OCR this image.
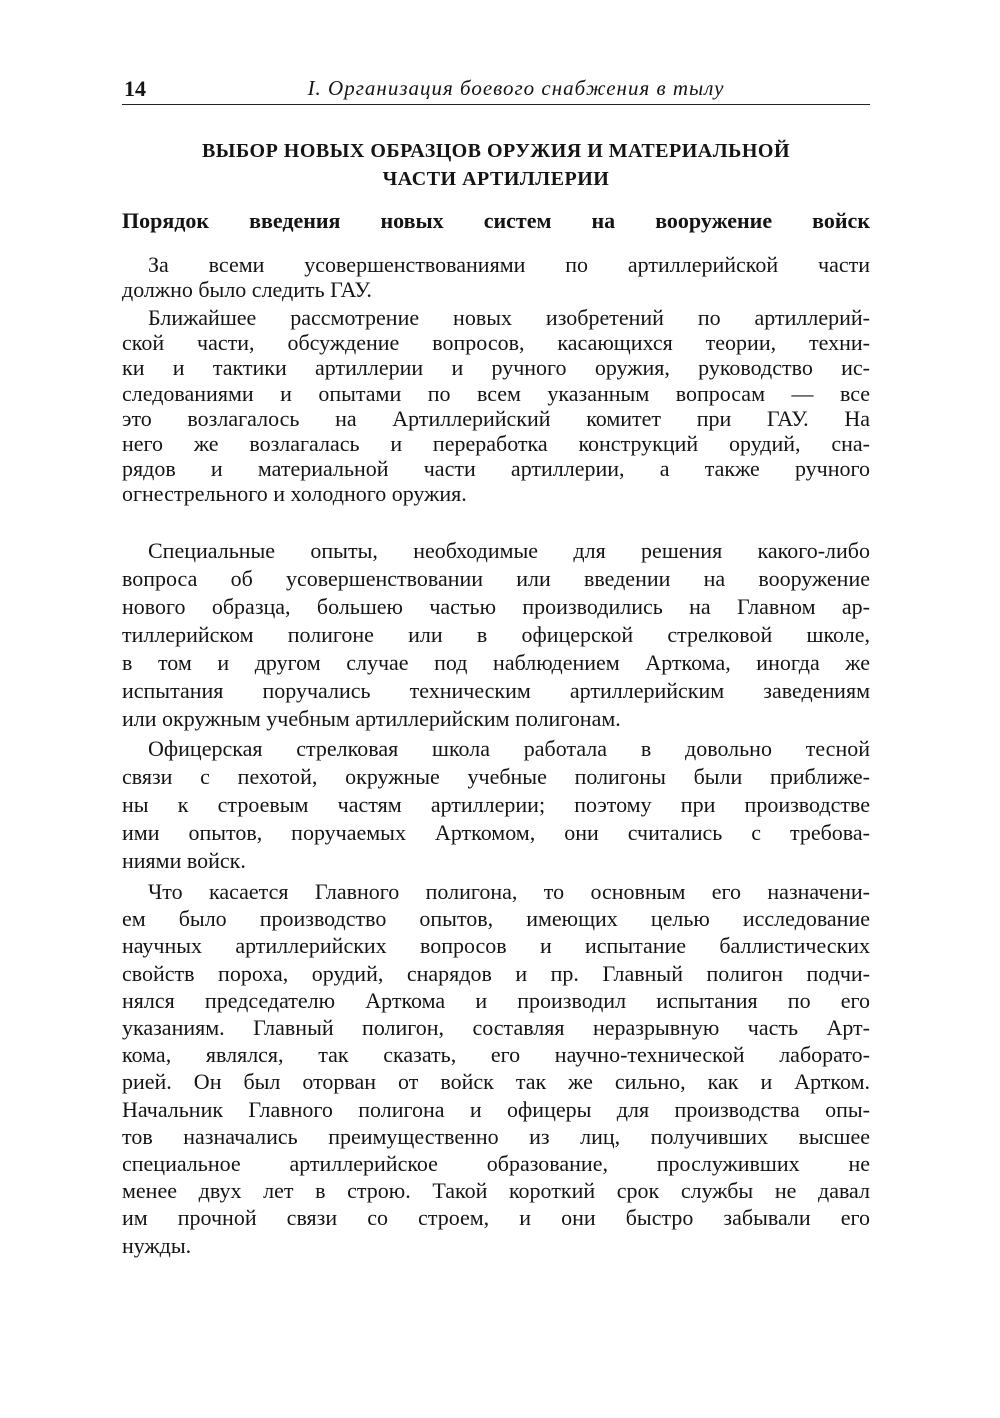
14	I. Организация боевого снабжения в тылу
ВЫБОР НОВЫХ ОБРАЗЦОВ ОРУЖИЯ И МАТЕРИАЛЬНОЙ
ЧАСТИ АРТИЛЛЕРИИ
Порядок введения новых систем на вооружение войск
За всеми усовершенствованиями по артиллерийской части
должно было следить ГАУ.
Ближайшее рассмотрение новых изобретений по артиллерий-
ской части, обсуждение вопросов, касающихся теории, техни-
ки и тактики артиллерии и ручного оружия, руководство ис-
следованиями и опытами по всем указанным вопросам — все
это возлагалось на Артиллерийский комитет при ГАУ. На
него же возлагалась и переработка конструкций орудий, сна-
рядов и материальной части артиллерии, а также ручного
огнестрельного и холодного оружия.
Специальные опыты, необходимые для решения какого-либо
вопроса об усовершенствовании или введении на вооружение
нового образца, большею частью производились на Главном ар-
тиллерийском полигоне или в офицерской стрелковой школе,
в том и другом случае под наблюдением Арткома, иногда же
испытания поручались техническим артиллерийским заведениям
или окружным учебным артиллерийским полигонам.
Офицерская стрелковая школа работала в довольно тесной
связи с пехотой, окружные учебные полигоны были приближе-
ны к строевым частям артиллерии; поэтому при производстве
ими опытов, поручаемых Арткомом, они считались с требова-
ниями войск.
Что касается Главного полигона, то основным его назначени-
ем было производство опытов, имеющих целью исследование
научных артиллерийских вопросов и испытание баллистических
свойств пороха, орудий, снарядов и пр. Главный полигон подчи-
нялся председателю Арткома и производил испытания по его
указаниям. Главный полигон, составляя неразрывную часть Арт-
кома, являлся, так сказать, его научно-технической лаборато-
рией. Он был оторван от войск так же сильно, как и Артком.
Начальник Главного полигона и офицеры для производства опы-
тов назначались преимущественно из лиц, получивших высшее
специальное артиллерийское образование, прослуживших не
менее двух лет в строю. Такой короткий срок службы не давал
им прочной связи со строем, и они быстро забывали его
нужды.
